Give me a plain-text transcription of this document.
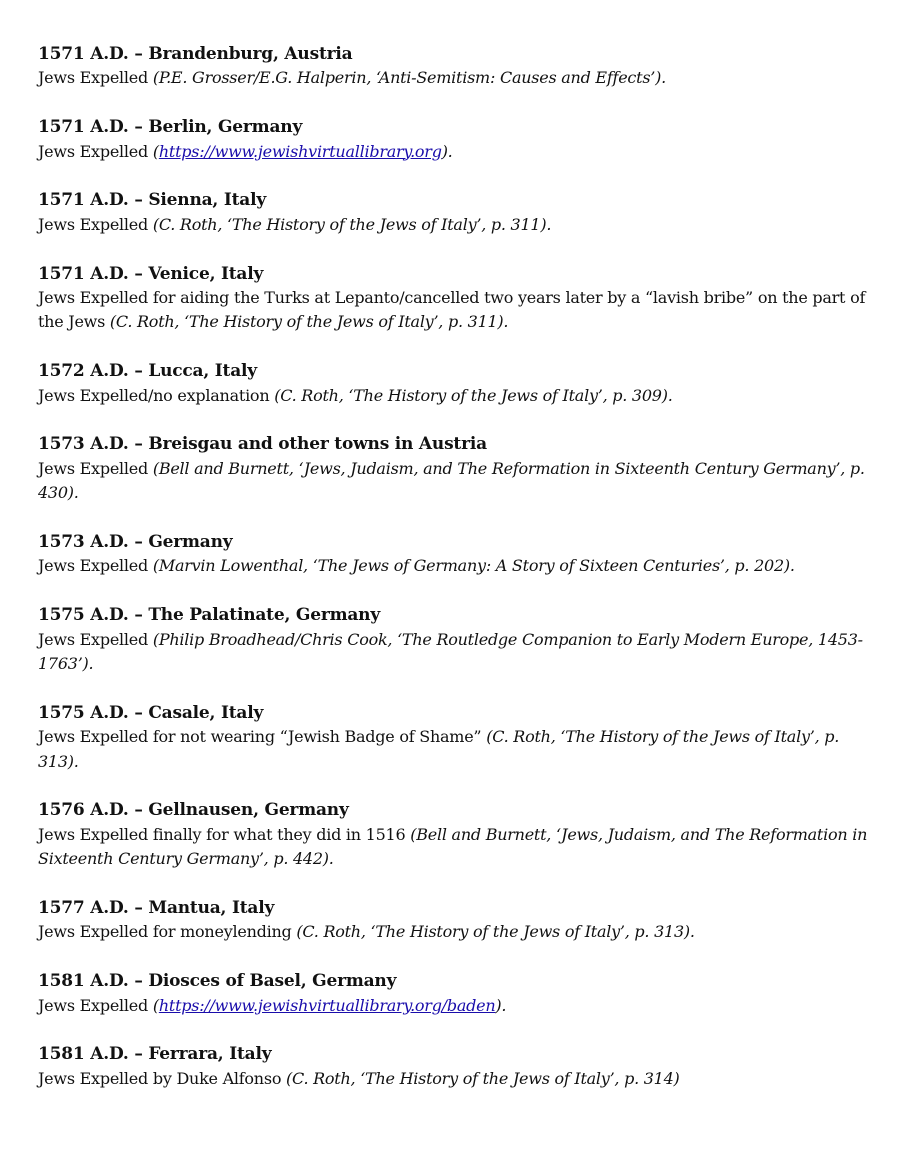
1571 A.D. – Brandenburg, Austria
Jews Expelled (P.E. Grosser/E.G. Halperin, ‘Anti-Semitism: Causes and Effects’).
1571 A.D. – Berlin, Germany
Jews Expelled (https://www.jewishvirtuallibrary.org).
1571 A.D. – Sienna, Italy
Jews Expelled (C. Roth, ‘The History of the Jews of Italy’, p. 311).
1571 A.D. – Venice, Italy
Jews Expelled for aiding the Turks at Lepanto/cancelled two years later by a “lavish bribe” on the part of the Jews (C. Roth, ‘The History of the Jews of Italy’, p. 311).
1572 A.D. – Lucca, Italy
Jews Expelled/no explanation (C. Roth, ‘The History of the Jews of Italy’, p. 309).
1573 A.D. – Breisgau and other towns in Austria
Jews Expelled (Bell and Burnett, ‘Jews, Judaism, and The Reformation in Sixteenth Century Germany’, p. 430).
1573 A.D. – Germany
Jews Expelled (Marvin Lowenthal, ‘The Jews of Germany: A Story of Sixteen Centuries’, p. 202).
1575 A.D. – The Palatinate, Germany
Jews Expelled (Philip Broadhead/Chris Cook, ‘The Routledge Companion to Early Modern Europe, 1453-1763’).
1575 A.D. – Casale, Italy
Jews Expelled for not wearing “Jewish Badge of Shame” (C. Roth, ‘The History of the Jews of Italy’, p. 313).
1576 A.D. – Gellnausen, Germany
Jews Expelled finally for what they did in 1516 (Bell and Burnett, ‘Jews, Judaism, and The Reformation in Sixteenth Century Germany’, p. 442).
1577 A.D. – Mantua, Italy
Jews Expelled for moneylending (C. Roth, ‘The History of the Jews of Italy’, p. 313).
1581 A.D. – Diosces of Basel, Germany
Jews Expelled (https://www.jewishvirtuallibrary.org/baden).
1581 A.D. – Ferrara, Italy
Jews Expelled by Duke Alfonso (C. Roth, ‘The History of the Jews of Italy’, p. 314)
